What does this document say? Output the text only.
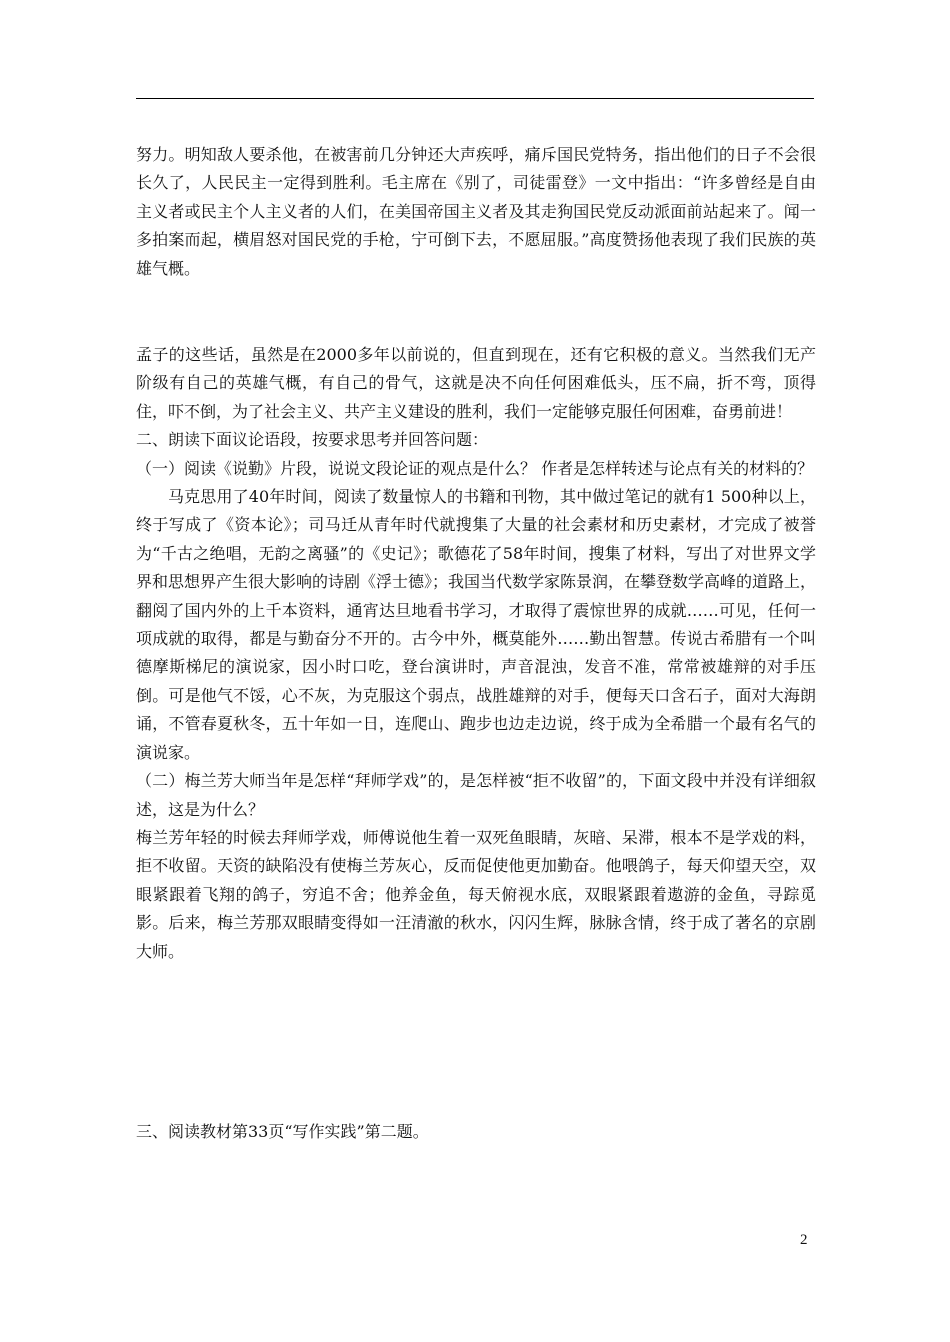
努力。明知敌人要杀他，在被害前几分钟还大声疾呼，痛斥国民党特务，指出他们的日子不会很长久了，人民民主一定得到胜利。毛主席在《别了，司徒雷登》一文中指出：“许多曾经是自由主义者或民主个人主义者的人们，在美国帝国主义者及其走狗国民党反动派面前站起来了。闻一多拍案而起，横眉怒对国民党的手枪，宁可倒下去，不愿屈服。”高度赞扬他表现了我们民族的英雄气概。

孟子的这些话，虽然是在2000多年以前说的，但直到现在，还有它积极的意义。当然我们无产阶级有自己的英雄气概，有自己的骨气，这就是决不向任何困难低头，压不扁，折不弯，顶得住，吓不倒，为了社会主义、共产主义建设的胜利，我们一定能够克服任何困难，奋勇前进！

二、朗读下面议论语段，按要求思考并回答问题：

（一）阅读《说勤》片段，说说文段论证的观点是什么？ 作者是怎样转述与论点有关的材料的？

马克思用了40年时间，阅读了数量惊人的书籍和刊物，其中做过笔记的就有1 500种以上，终于写成了《资本论》；司马迁从青年时代就搜集了大量的社会素材和历史素材，才完成了被誉为“千古之绝唱，无韵之离骚”的《史记》；歌德花了58年时间，搜集了材料，写出了对世界文学界和思想界产生很大影响的诗剧《浮士德》；我国当代数学家陈景润，在攀登数学高峰的道路上，翻阅了国内外的上千本资料，通宵达旦地看书学习，才取得了震惊世界的成就……可见，任何一项成就的取得，都是与勤奋分不开的。古今中外，概莫能外……勤出智慧。传说古希腊有一个叫德摩斯梯尼的演说家，因小时口吃，登台演讲时，声音混浊，发音不准，常常被雄辩的对手压倒。可是他气不馁，心不灰，为克服这个弱点，战胜雄辩的对手，便每天口含石子，面对大海朗诵，不管春夏秋冬，五十年如一日，连爬山、跑步也边走边说，终于成为全希腊一个最有名气的演说家。

（二）梅兰芳大师当年是怎样“拜师学戏”的，是怎样被“拒不收留”的，下面文段中并没有详细叙述，这是为什么？

梅兰芳年轻的时候去拜师学戏，师傅说他生着一双死鱼眼睛，灰暗、呆滞，根本不是学戏的料，拒不收留。天资的缺陷没有使梅兰芳灰心，反而促使他更加勤奋。他喂鸽子，每天仰望天空，双眼紧跟着飞翔的鸽子，穷追不舍；他养金鱼，每天俯视水底，双眼紧跟着遨游的金鱼，寻踪觅影。后来，梅兰芳那双眼睛变得如一汪清澈的秋水，闪闪生辉，脉脉含情，终于成了著名的京剧大师。

三、阅读教材第33页“写作实践”第二题。

2
